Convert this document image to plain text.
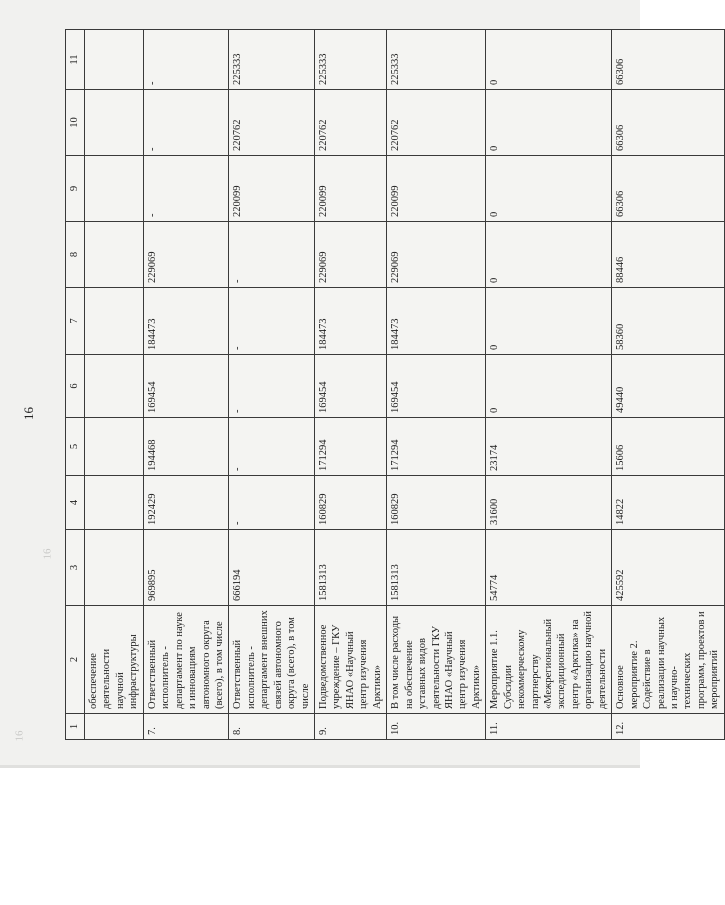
16
16
16
1	2	3	4	5	6	7	8	9	10	11
	обеспечение деятельности научной инфраструктуры									
7.	Ответственный исполнитель - департамент по науке и инновациям автономного округа (всего), в том числе	969895	192429	194468	169454	184473	229069	-	-	-
8.	Ответственный исполнитель - департамент внешних связей автономного округа (всего), в том числе	666194	-	-	-	-	-	220099	220762	225333
9.	Подведомственное учреждение – ГКУ ЯНАО «Научный центр изучения Арктики»	1581313	160829	171294	169454	184473	229069	220099	220762	225333
10.	В том числе расходы на обеспечение уставных видов деятельности ГКУ ЯНАО «Научный центр изучения Арктики»	1581313	160829	171294	169454	184473	229069	220099	220762	225333
11.	Мероприятие 1.1. Субсидии некоммерческому партнерству «Межрегиональный экспедиционный центр «Арктика» на организацию научной деятельности	54774	31600	23174	0	0	0	0	0	0
12.	Основное мероприятие 2. Содействие в реализации научных и научно-технических программ, проектов и мероприятий	425592	14822	15606	49440	58360	88446	66306	66306	66306
